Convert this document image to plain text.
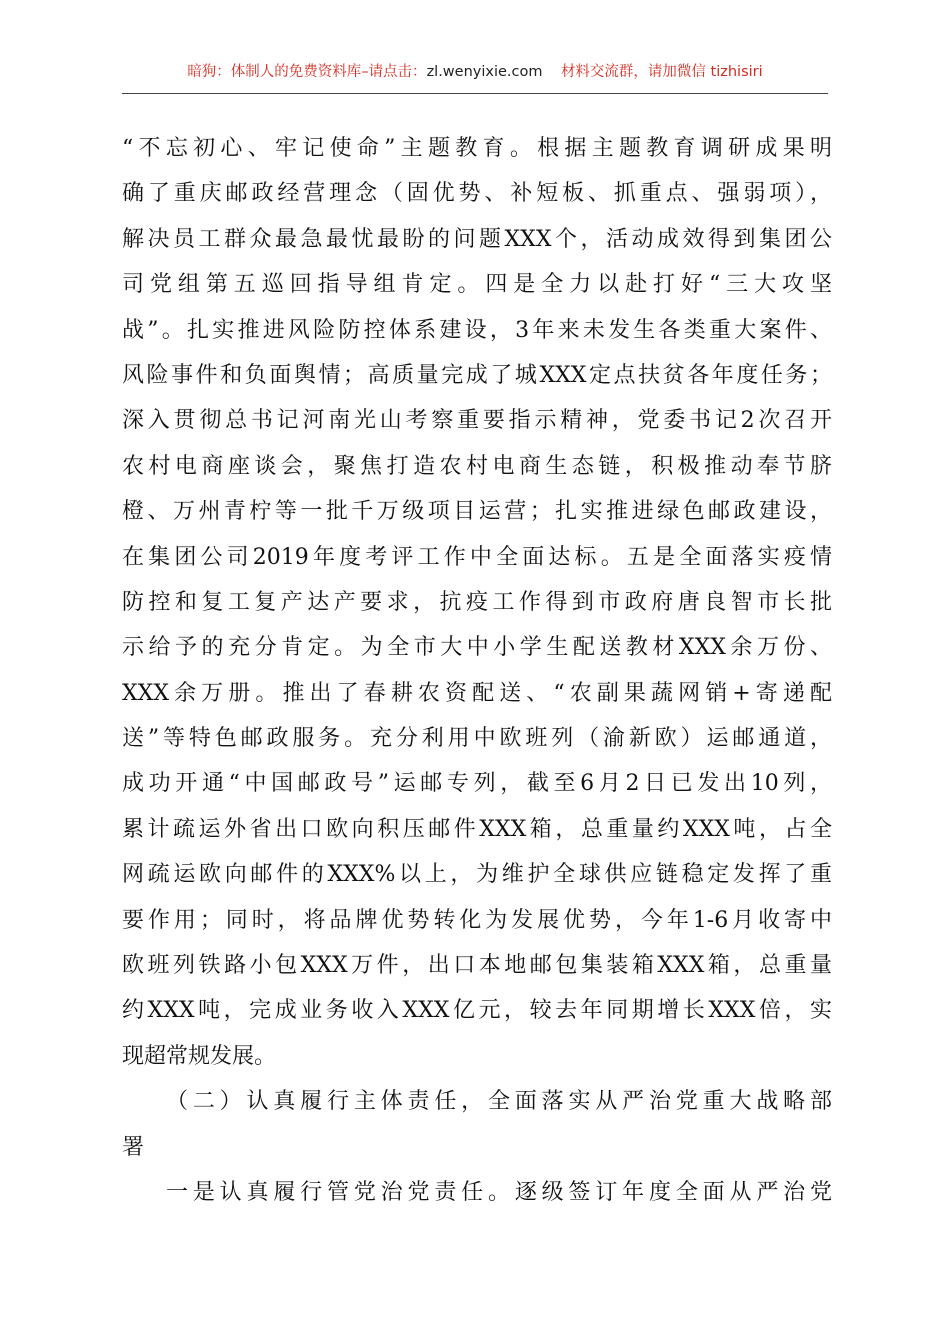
暗狗：体制人的免费资料库–请点击：zl.wenyixie.com 材料交流群，请加微信 tizhisiri

“不忘初心、牢记使命”主题教育。根据主题教育调研成果明
确了重庆邮政经营理念（固优势、补短板、抓重点、强弱项），
解决员工群众最急最忧最盼的问题XXX个，活动成效得到集团公
司党组第五巡回指导组肯定。四是全力以赴打好“三大攻坚
战”。扎实推进风险防控体系建设，3年来未发生各类重大案件、
风险事件和负面舆情；高质量完成了城XXX定点扶贫各年度任务；
深入贯彻总书记河南光山考察重要指示精神，党委书记2次召开
农村电商座谈会，聚焦打造农村电商生态链，积极推动奉节脐
橙、万州青柠等一批千万级项目运营；扎实推进绿色邮政建设，
在集团公司2019年度考评工作中全面达标。五是全面落实疫情
防控和复工复产达产要求，抗疫工作得到市政府唐良智市长批
示给予的充分肯定。为全市大中小学生配送教材XXX余万份、
XXX余万册。推出了春耕农资配送、“农副果蔬网销+寄递配
送”等特色邮政服务。充分利用中欧班列（渝新欧）运邮通道，
成功开通“中国邮政号”运邮专列，截至6月2日已发出10列，
累计疏运外省出口欧向积压邮件XXX箱，总重量约XXX吨，占全
网疏运欧向邮件的XXX%以上，为维护全球供应链稳定发挥了重
要作用；同时，将品牌优势转化为发展优势，今年1-6月收寄中
欧班列铁路小包XXX万件，出口本地邮包集装箱XXX箱，总重量
约XXX吨，完成业务收入XXX亿元，较去年同期增长XXX倍，实
现超常规发展。

（二）认真履行主体责任，全面落实从严治党重大战略部
署

一是认真履行管党治党责任。逐级签订年度全面从严治党
